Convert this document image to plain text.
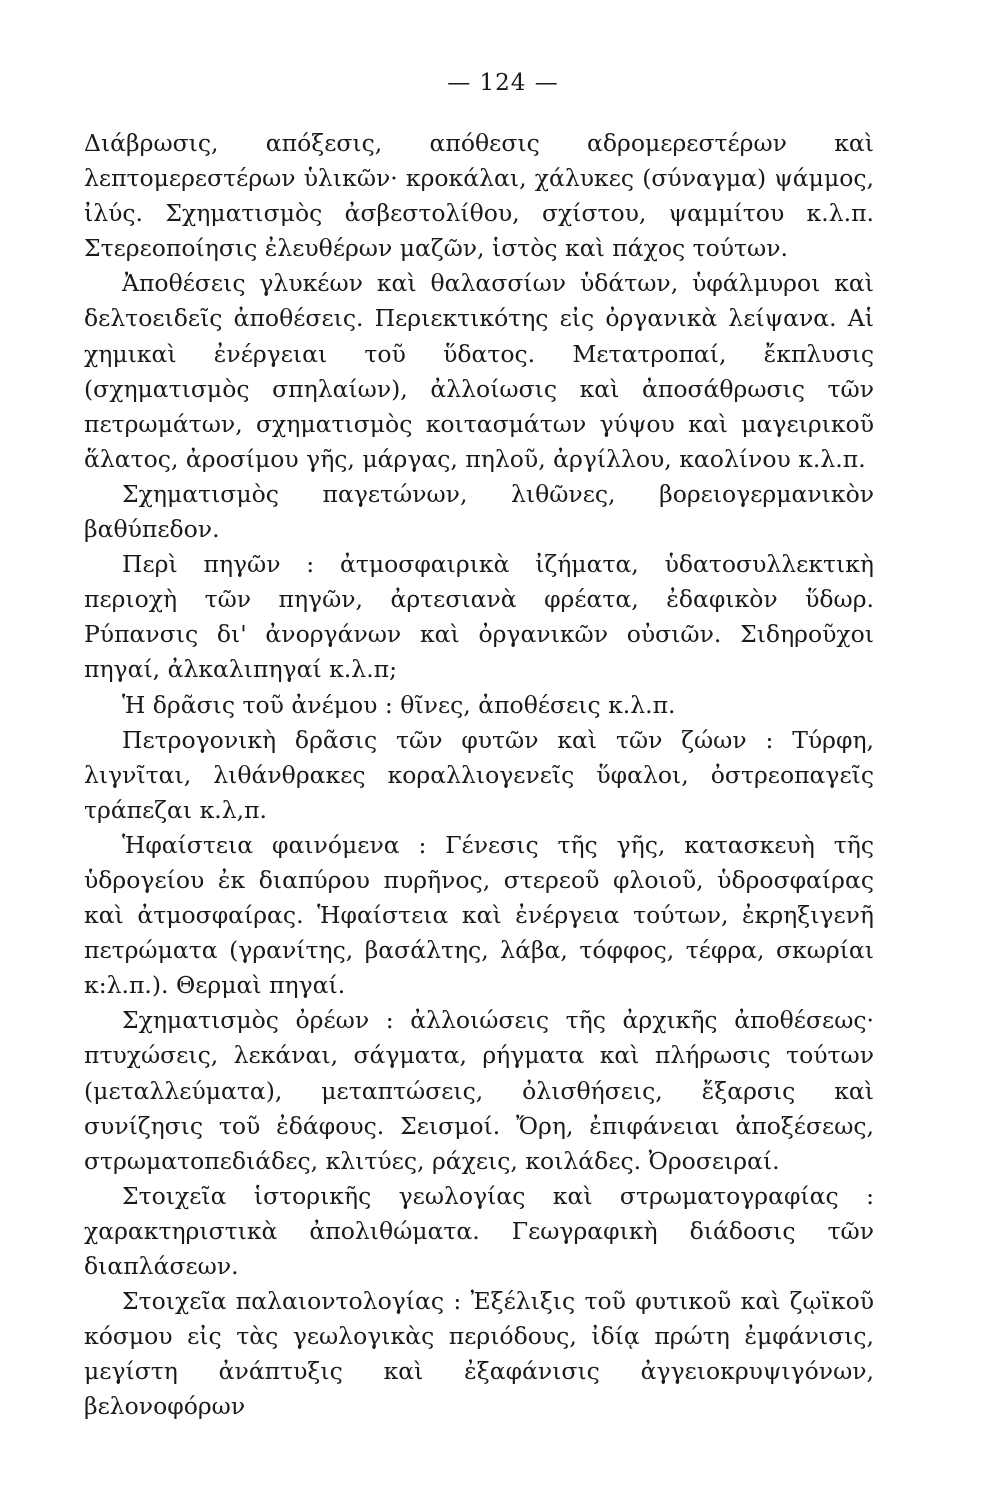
— 124 —

Διάβρωσις, απόξεσις, απόθεσις αδρομερεστέρων καὶ λεπτομερεστέρων ὑλικῶν· κροκάλαι, χάλυκες (σύναγμα) ψάμμος, ἰλύς. Σχηματισμὸς ἀσβεστολίθου, σχίστου, ψαμμίτου κ.λ.π. Στερεοποίησις ἐλευθέρων μαζῶν, ἱστὸς καὶ πάχος τούτων.

Ἀποθέσεις γλυκέων καὶ θαλασσίων ὑδάτων, ὑφάλμυροι καὶ δελτοειδεῖς ἀποθέσεις. Περιεκτικότης εἰς ὀργανικὰ λείψανα. Αἱ χημικαὶ ἐνέργειαι τοῦ ὕδατος. Μετατροπαί, ἔκπλυσις (σχηματισμὸς σπηλαίων), ἀλλοίωσις καὶ ἀποσάθρωσις τῶν πετρωμάτων, σχηματισμὸς κοιτασμάτων γύψου καὶ μαγειρικοῦ ἅλατος, ἀροσίμου γῆς, μάργας, πηλοῦ, ἀργίλλου, καολίνου κ.λ.π.

Σχηματισμὸς παγετώνων, λιθῶνες, βορειογερμανικὸν βαθύπεδον.

Περὶ πηγῶν : ἀτμοσφαιρικὰ ἰζήματα, ὑδατοσυλλεκτικὴ περιοχὴ τῶν πηγῶν, ἀρτεσιανὰ φρέατα, ἐδαφικὸν ὕδωρ. Ρύπανσις δι' ἀνοργάνων καὶ ὀργανικῶν οὐσιῶν. Σιδηροῦχοι πηγαί, ἀλκαλιπηγαί κ.λ.π;

Ἡ δρᾶσις τοῦ ἀνέμου : θῖνες, ἀποθέσεις κ.λ.π.

Πετρογονικὴ δρᾶσις τῶν φυτῶν καὶ τῶν ζώων : Τύρφη, λιγνῖται, λιθάνθρακες κοραλλιογενεῖς ὕφαλοι, ὀστρεοπαγεῖς τράπεζαι κ.λ,π.

Ἡφαίστεια φαινόμενα : Γένεσις τῆς γῆς, κατασκευὴ τῆς ὑδρογείου ἐκ διαπύρου πυρῆνος, στερεοῦ φλοιοῦ, ὑδροσφαίρας καὶ ἀτμοσφαίρας. Ἡφαίστεια καὶ ἐνέργεια τούτων, ἐκρηξιγενῆ πετρώματα (γρανίτης, βασάλτης, λάβα, τόφφος, τέφρα, σκωρίαι κ:λ.π.). Θερμαὶ πηγαί.

Σχηματισμὸς ὀρέων : ἀλλοιώσεις τῆς ἀρχικῆς ἀποθέσεως· πτυχώσεις, λεκάναι, σάγματα, ρήγματα καὶ πλήρωσις τούτων (μεταλλεύματα), μεταπτώσεις, ὀλισθήσεις, ἔξαρσις καὶ συνίζησις τοῦ ἐδάφους. Σεισμοί. Ὄρη, ἐπιφάνειαι ἀποξέσεως, στρωματοπεδιάδες, κλιτύες, ράχεις, κοιλάδες. Ὀροσειραί.

Στοιχεῖα ἱστορικῆς γεωλογίας καὶ στρωματογραφίας : χαρακτηριστικὰ ἀπολιθώματα. Γεωγραφικὴ διάδοσις τῶν διαπλάσεων.

Στοιχεῖα παλαιοντολογίας : Ἐξέλιξις τοῦ φυτικοῦ καὶ ζῳϊκοῦ κόσμου εἰς τὰς γεωλογικὰς περιόδους, ἰδίᾳ πρώτη ἐμφάνισις, μεγίστη ἀνάπτυξις καὶ ἐξαφάνισις ἀγγειοκρυψιγόνων, βελονοφόρων
